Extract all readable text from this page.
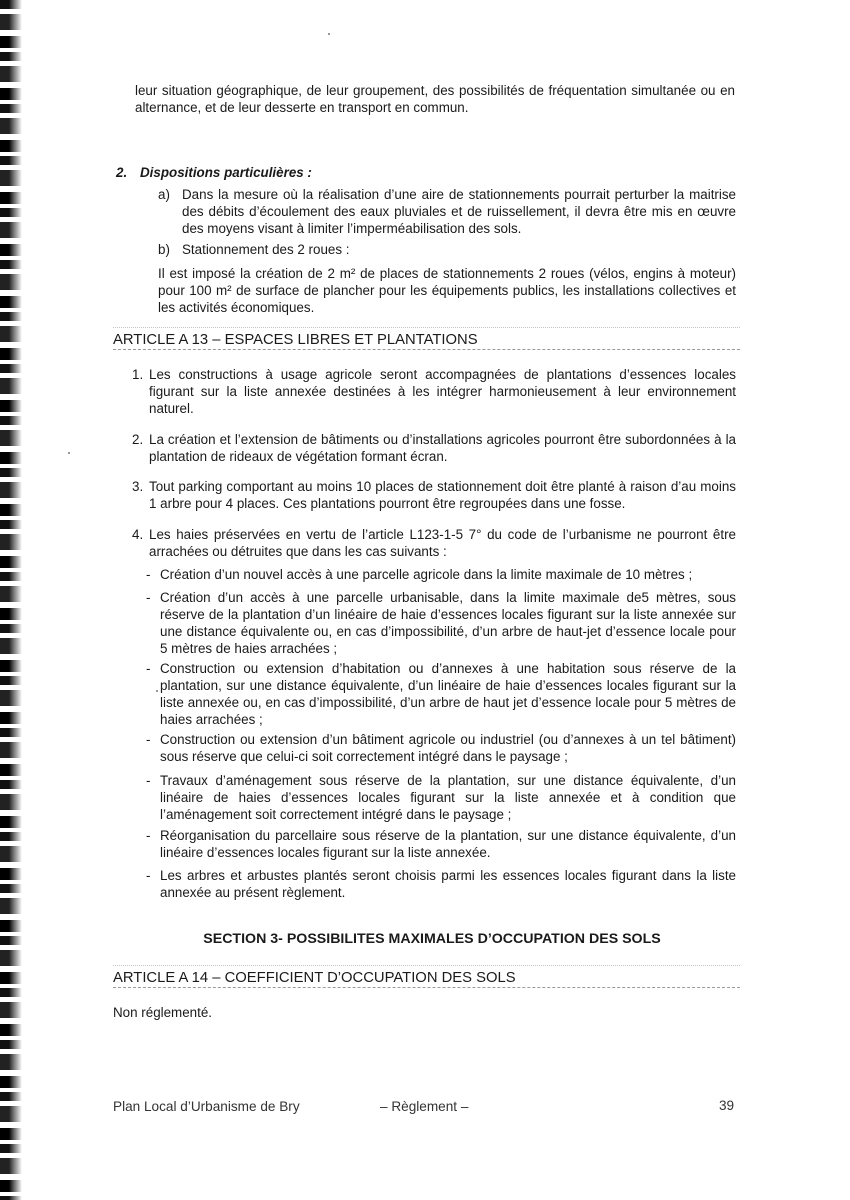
leur situation géographique, de leur groupement, des possibilités de fréquentation simultanée ou en alternance, et de leur desserte en transport en commun.

2. Dispositions particulières :
a) Dans la mesure où la réalisation d’une aire de stationnements pourrait perturber la maitrise des débits d’écoulement des eaux pluviales et de ruissellement, il devra être mis en œuvre des moyens visant à limiter l’imperméabilisation des sols.
b) Stationnement des 2 roues :

Il est imposé la création de 2 m² de places de stationnements 2 roues (vélos, engins à moteur) pour 100 m² de surface de plancher pour les équipements publics, les installations collectives et les activités économiques.

ARTICLE A 13 – ESPACES LIBRES ET PLANTATIONS
1. Les constructions à usage agricole seront accompagnées de plantations d’essences locales figurant sur la liste annexée destinées à les intégrer harmonieusement à leur environnement naturel.
2. La création et l’extension de bâtiments ou d’installations agricoles pourront être subordonnées à la plantation de rideaux de végétation formant écran.
3. Tout parking comportant au moins 10 places de stationnement doit être planté à raison d’au moins 1 arbre pour 4 places. Ces plantations pourront être regroupées dans une fosse.
4. Les haies préservées en vertu de l’article L123-1-5 7° du code de l’urbanisme ne pourront être arrachées ou détruites que dans les cas suivants :
- Création d’un nouvel accès à une parcelle agricole dans la limite maximale de 10 mètres ;
- Création d’un accès à une parcelle urbanisable, dans la limite maximale de5 mètres, sous réserve de la plantation d’un linéaire de haie d’essences locales figurant sur la liste annexée sur une distance équivalente ou, en cas d’impossibilité, d’un arbre de haut-jet d’essence locale pour 5 mètres de haies arrachées ;
- Construction ou extension d’habitation ou d’annexes à une habitation sous réserve de la plantation, sur une distance équivalente, d’un linéaire de haie d’essences locales figurant sur la liste annexée ou, en cas d’impossibilité, d’un arbre de haut jet d’essence locale pour 5 mètres de haies arrachées ;
- Construction ou extension d’un bâtiment agricole ou industriel (ou d’annexes à un tel bâtiment) sous réserve que celui-ci soit correctement intégré dans le paysage ;
- Travaux d’aménagement sous réserve de la plantation, sur une distance équivalente, d’un linéaire de haies d’essences locales figurant sur la liste annexée et à condition que l’aménagement soit correctement intégré dans le paysage ;
- Réorganisation du parcellaire sous réserve de la plantation, sur une distance équivalente, d’un linéaire d’essences locales figurant sur la liste annexée.
- Les arbres et arbustes plantés seront choisis parmi les essences locales figurant dans la liste annexée au présent règlement.
SECTION 3- POSSIBILITES MAXIMALES D’OCCUPATION DES SOLS
ARTICLE A 14 – COEFFICIENT D’OCCUPATION DES SOLS
Non réglementé.
Plan Local d’Urbanisme de Bry	– Règlement –	39
